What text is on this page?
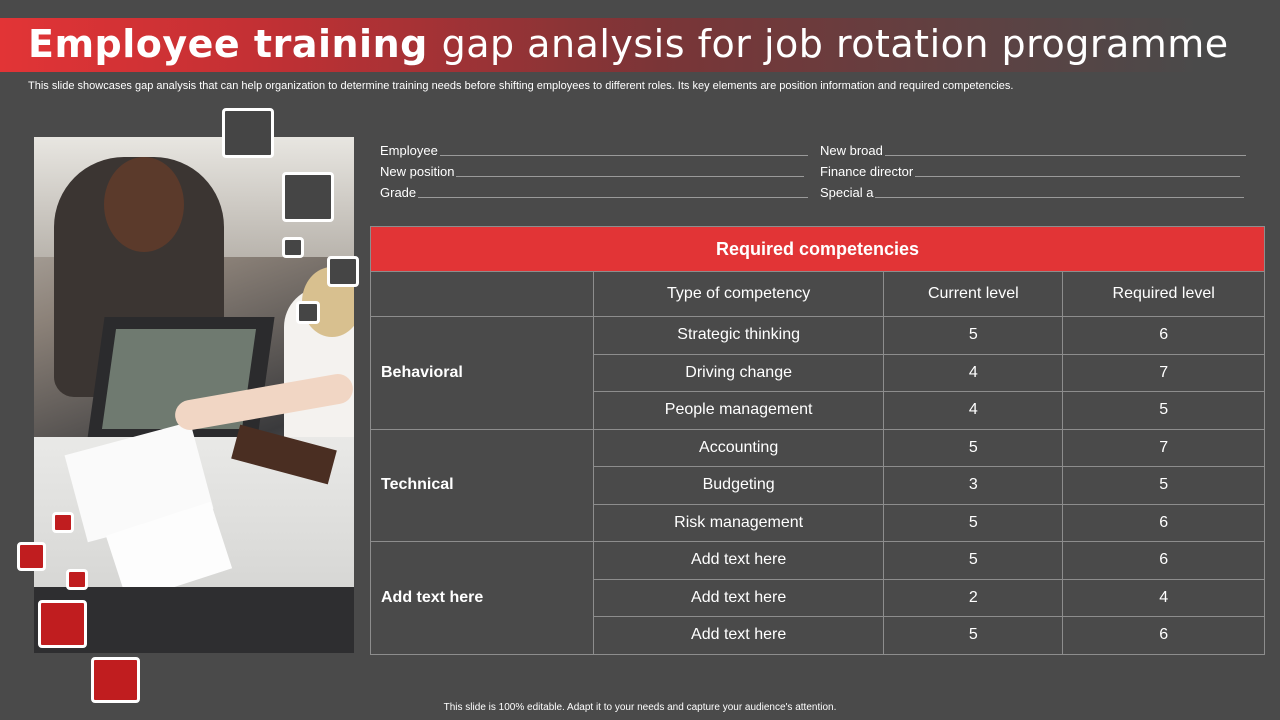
Employee training gap analysis for job rotation programme

This slide showcases gap analysis that can help organization to determine training needs before shifting employees to different roles. Its key elements are position information and required competencies.

Employee
New position
Grade
New broad
Finance director
Special a
Required competencies			
	Type of competency	Current level	Required level
Behavioral	Strategic thinking	5	6
	Driving change	4	7
	People management	4	5
Technical	Accounting	5	7
	Budgeting	3	5
	Risk management	5	6
Add text here	Add text here	5	6
	Add text here	2	4
	Add text here	5	6

This slide is 100% editable. Adapt it to your needs and capture your audience's attention.
